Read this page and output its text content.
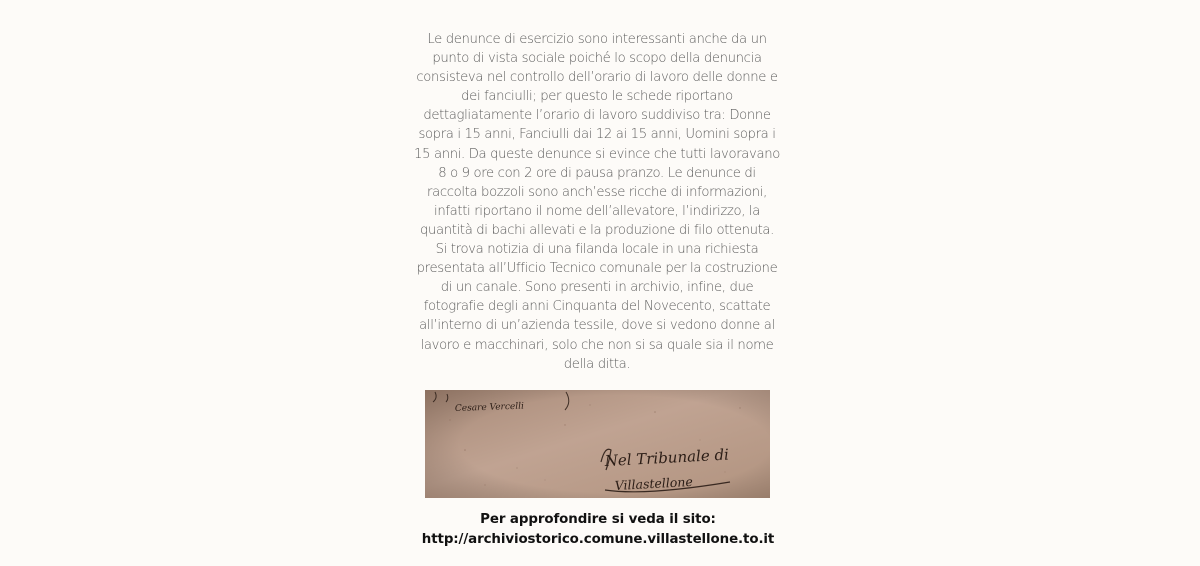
Le denunce di esercizio sono interessanti anche da un punto di vista sociale poiché lo scopo della denuncia consisteva nel controllo dell’orario di lavoro delle donne e dei fanciulli; per questo le schede riportano dettagliatamente l’orario di lavoro suddiviso tra: Donne sopra i 15 anni, Fanciulli dai 12 ai 15 anni, Uomini sopra i 15 anni. Da queste denunce si evince che tutti lavoravano 8 o 9 ore con 2 ore di pausa pranzo. Le denunce di raccolta bozzoli sono anch’esse ricche di informazioni, infatti riportano il nome dell’allevatore, l’indirizzo, la quantità di bachi allevati e la produzione di filo ottenuta. Si trova notizia di una filanda locale in una richiesta presentata all’Ufficio Tecnico comunale per la costruzione di un canale. Sono presenti in archivio, infine, due fotografie degli anni Cinquanta del Novecento, scattate all’interno di un’azienda tessile, dove si vedono donne al lavoro e macchinari, solo che non si sa quale sia il nome della ditta.

Cesare Vercelli
Nel Tribunale di
Villastellone
Per approfondire si veda il sito:
http://archiviostorico.comune.villastellone.to.it
